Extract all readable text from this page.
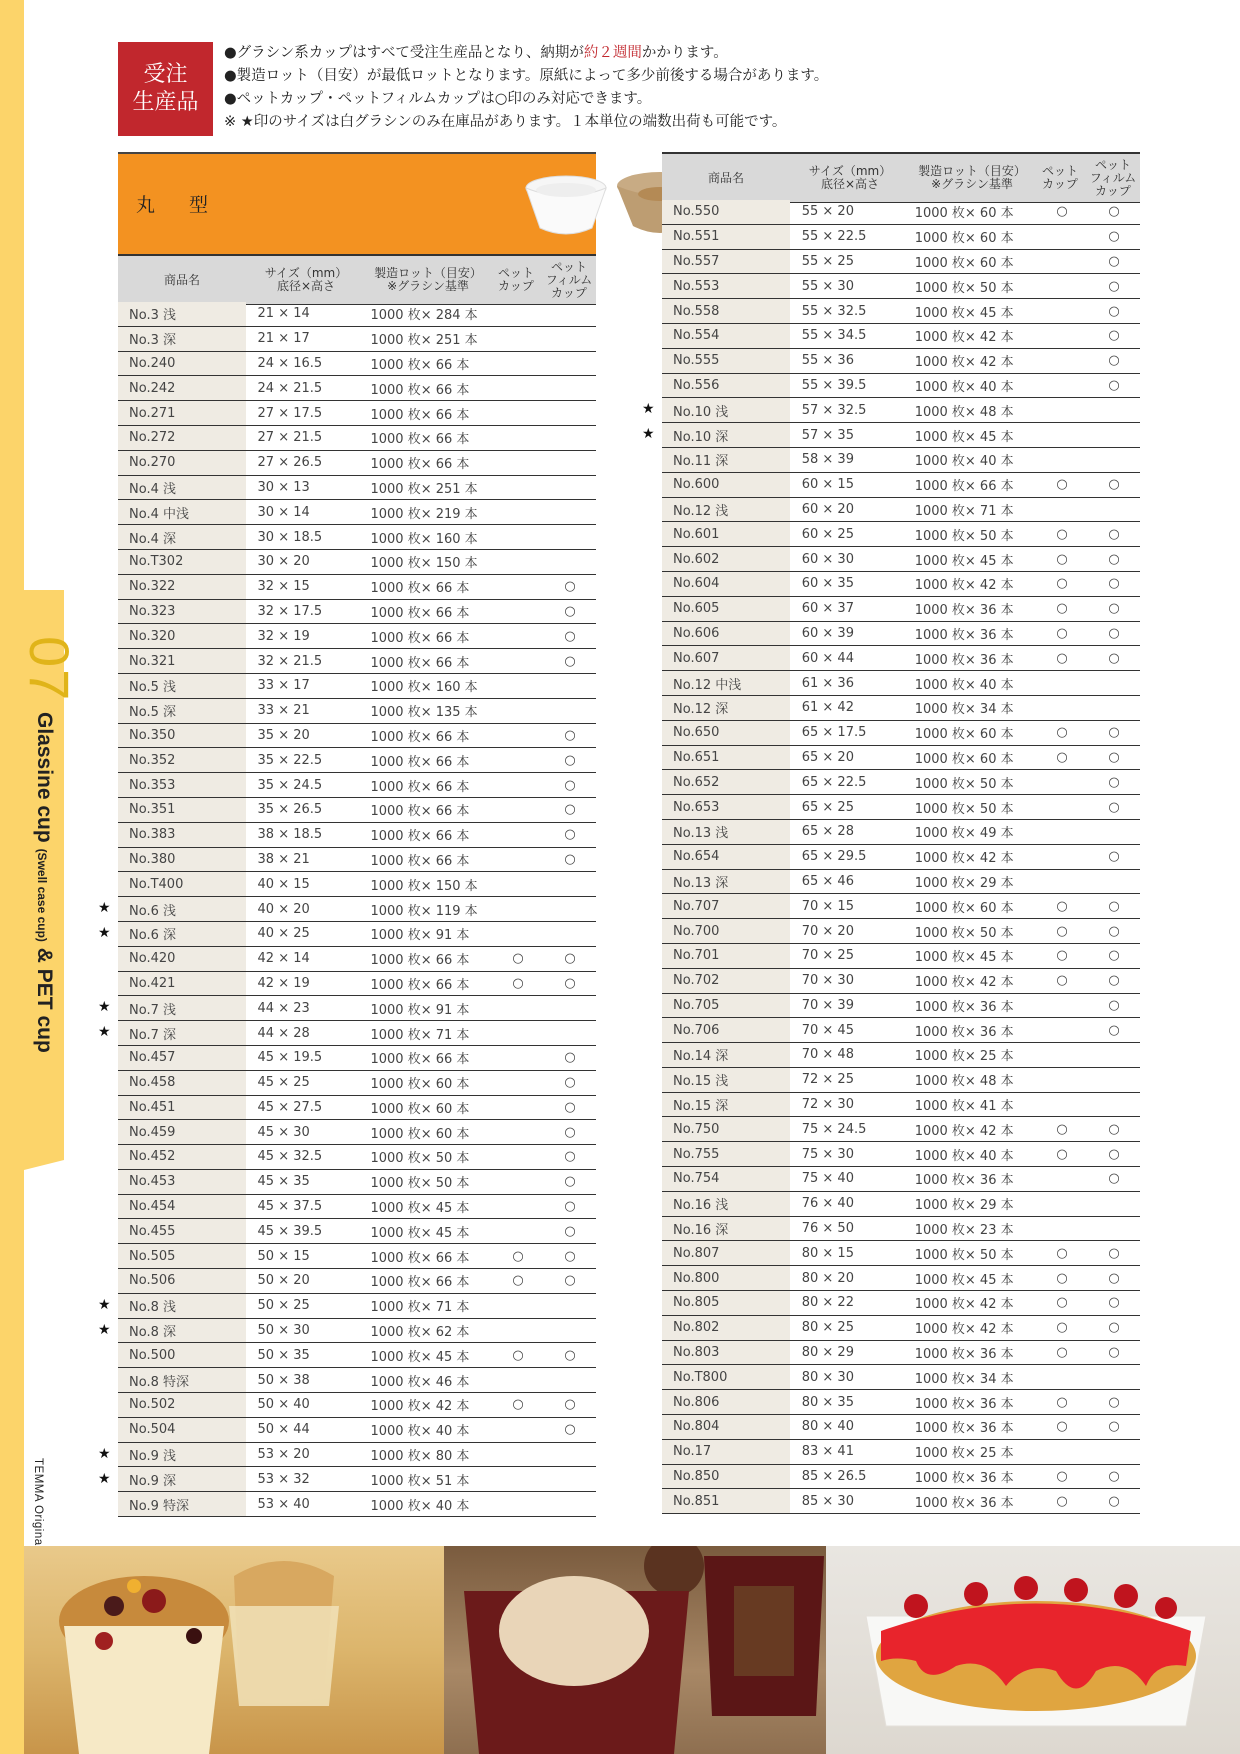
07
Glassine cup (Swell case cup) & PET cup
受注
生産品
●グラシン系カップはすべて受注生産品となり、納期が約２週間かかります。
●製造ロット（目安）が最低ロットとなります。原紙によって多少前後する場合があります。
●ペットカップ・ペットフィルムカップは○印のみ対応できます。
※ ★印のサイズは白グラシンのみ在庫品があります。１本単位の端数出荷も可能です。
丸 型
商品名	サイズ（mm）
底径×高さ
製造ロット（目安）
※グラシン基準
ペット
カップ
ペット
フィルム
カップ
No.3 浅	21 × 14	1000 枚× 284 本		
No.3 深	21 × 17	1000 枚× 251 本		
No.240	24 × 16.5	1000 枚× 66 本		
No.242	24 × 21.5	1000 枚× 66 本		
No.271	27 × 17.5	1000 枚× 66 本		
No.272	27 × 21.5	1000 枚× 66 本		
No.270	27 × 26.5	1000 枚× 66 本		
No.4 浅	30 × 13	1000 枚× 251 本		
No.4 中浅	30 × 14	1000 枚× 219 本		
No.4 深	30 × 18.5	1000 枚× 160 本		
No.T302	30 × 20	1000 枚× 150 本		
No.322	32 × 15	1000 枚× 66 本		○
No.323	32 × 17.5	1000 枚× 66 本		○
No.320	32 × 19	1000 枚× 66 本		○
No.321	32 × 21.5	1000 枚× 66 本		○
No.5 浅	33 × 17	1000 枚× 160 本		
No.5 深	33 × 21	1000 枚× 135 本		
No.350	35 × 20	1000 枚× 66 本		○
No.352	35 × 22.5	1000 枚× 66 本		○
No.353	35 × 24.5	1000 枚× 66 本		○
No.351	35 × 26.5	1000 枚× 66 本		○
No.383	38 × 18.5	1000 枚× 66 本		○
No.380	38 × 21	1000 枚× 66 本		○
No.T400	40 × 15	1000 枚× 150 本		
No.6 浅	40 × 20	1000 枚× 119 本		
No.6 深	40 × 25	1000 枚× 91 本		
No.420	42 × 14	1000 枚× 66 本	○	○
No.421	42 × 19	1000 枚× 66 本	○	○
No.7 浅	44 × 23	1000 枚× 91 本		
No.7 深	44 × 28	1000 枚× 71 本		
No.457	45 × 19.5	1000 枚× 66 本		○
No.458	45 × 25	1000 枚× 60 本		○
No.451	45 × 27.5	1000 枚× 60 本		○
No.459	45 × 30	1000 枚× 60 本		○
No.452	45 × 32.5	1000 枚× 50 本		○
No.453	45 × 35	1000 枚× 50 本		○
No.454	45 × 37.5	1000 枚× 45 本		○
No.455	45 × 39.5	1000 枚× 45 本		○
No.505	50 × 15	1000 枚× 66 本	○	○
No.506	50 × 20	1000 枚× 66 本	○	○
No.8 浅	50 × 25	1000 枚× 71 本		
No.8 深	50 × 30	1000 枚× 62 本		
No.500	50 × 35	1000 枚× 45 本	○	○
No.8 特深	50 × 38	1000 枚× 46 本		
No.502	50 × 40	1000 枚× 42 本	○	○
No.504	50 × 44	1000 枚× 40 本		○
No.9 浅	53 × 20	1000 枚× 80 本		
No.9 深	53 × 32	1000 枚× 51 本		
No.9 特深	53 × 40	1000 枚× 40 本		
商品名	サイズ（mm）
底径×高さ
製造ロット（目安）
※グラシン基準
ペット
カップ
ペット
フィルム
カップ
No.550	55 × 20	1000 枚× 60 本	○	○
No.551	55 × 22.5	1000 枚× 60 本		○
No.557	55 × 25	1000 枚× 60 本		○
No.553	55 × 30	1000 枚× 50 本		○
No.558	55 × 32.5	1000 枚× 45 本		○
No.554	55 × 34.5	1000 枚× 42 本		○
No.555	55 × 36	1000 枚× 42 本		○
No.556	55 × 39.5	1000 枚× 40 本		○
No.10 浅	57 × 32.5	1000 枚× 48 本		
No.10 深	57 × 35	1000 枚× 45 本		
No.11 深	58 × 39	1000 枚× 40 本		
No.600	60 × 15	1000 枚× 66 本	○	○
No.12 浅	60 × 20	1000 枚× 71 本		
No.601	60 × 25	1000 枚× 50 本	○	○
No.602	60 × 30	1000 枚× 45 本	○	○
No.604	60 × 35	1000 枚× 42 本	○	○
No.605	60 × 37	1000 枚× 36 本	○	○
No.606	60 × 39	1000 枚× 36 本	○	○
No.607	60 × 44	1000 枚× 36 本	○	○
No.12 中浅	61 × 36	1000 枚× 40 本		
No.12 深	61 × 42	1000 枚× 34 本		
No.650	65 × 17.5	1000 枚× 60 本	○	○
No.651	65 × 20	1000 枚× 60 本	○	○
No.652	65 × 22.5	1000 枚× 50 本		○
No.653	65 × 25	1000 枚× 50 本		○
No.13 浅	65 × 28	1000 枚× 49 本		
No.654	65 × 29.5	1000 枚× 42 本		○
No.13 深	65 × 46	1000 枚× 29 本		
No.707	70 × 15	1000 枚× 60 本	○	○
No.700	70 × 20	1000 枚× 50 本	○	○
No.701	70 × 25	1000 枚× 45 本	○	○
No.702	70 × 30	1000 枚× 42 本	○	○
No.705	70 × 39	1000 枚× 36 本		○
No.706	70 × 45	1000 枚× 36 本		○
No.14 深	70 × 48	1000 枚× 25 本		
No.15 浅	72 × 25	1000 枚× 48 本		
No.15 深	72 × 30	1000 枚× 41 本		
No.750	75 × 24.5	1000 枚× 42 本	○	○
No.755	75 × 30	1000 枚× 40 本	○	○
No.754	75 × 40	1000 枚× 36 本		○
No.16 浅	76 × 40	1000 枚× 29 本		
No.16 深	76 × 50	1000 枚× 23 本		
No.807	80 × 15	1000 枚× 50 本	○	○
No.800	80 × 20	1000 枚× 45 本	○	○
No.805	80 × 22	1000 枚× 42 本	○	○
No.802	80 × 25	1000 枚× 42 本	○	○
No.803	80 × 29	1000 枚× 36 本	○	○
No.T800	80 × 30	1000 枚× 34 本		
No.806	80 × 35	1000 枚× 36 本	○	○
No.804	80 × 40	1000 枚× 36 本	○	○
No.17	83 × 41	1000 枚× 25 本		
No.850	85 × 26.5	1000 枚× 36 本	○	○
No.851	85 × 30	1000 枚× 36 本	○	○
★
★
★
★
★
★
★
★
★
★
